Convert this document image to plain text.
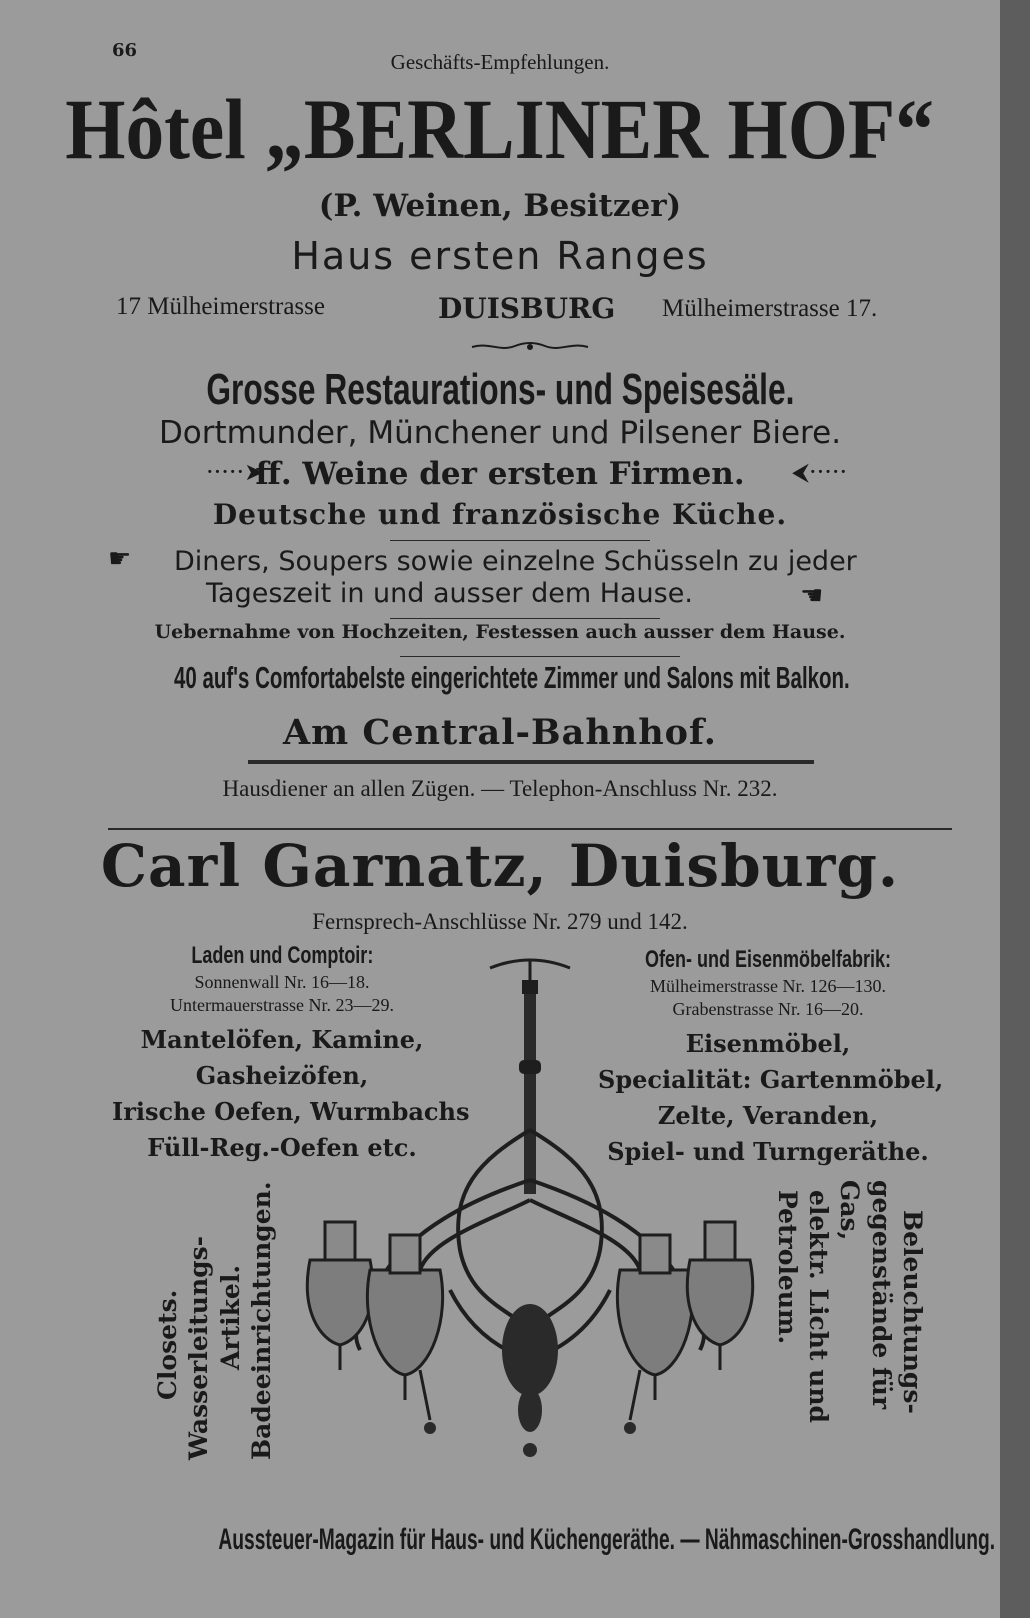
66	Geschäfts-Empfehlungen.
Hôtel „BERLINER HOF“
(P. Weinen, Besitzer)
Haus ersten Ranges
17 Mülheimerstrasse	DUISBURG Mülheimerstrasse 17.
Grosse Restaurations- und Speisesäle.
Dortmunder, Münchener und Pilsener Biere.
·····➤
ff. Weine der ersten Firmen.	⮜·····
Deutsche und französische Küche.
☛ Diners, Soupers sowie einzelne Schüsseln zu jeder
Tageszeit in und ausser dem Hause.	☛
Uebernahme von Hochzeiten, Festessen auch ausser dem Hause.
40 auf's Comfortabelste eingerichtete Zimmer und Salons mit Balkon.
Am Central-Bahnhof.
Hausdiener an allen Zügen. — Telephon-Anschluss Nr. 232.
Carl Garnatz, Duisburg.
Fernsprech-Anschlüsse Nr. 279 und 142.
Laden und Comptoir:
Sonnenwall Nr. 16—18.
Untermauerstrasse Nr. 23—29.
Mantelöfen, Kamine,
Gasheizöfen,
Irische Oefen, Wurmbachs
Füll-Reg.-Oefen etc.
Ofen- und Eisenmöbelfabrik:
Mülheimerstrasse Nr. 126—130.
Grabenstrasse Nr. 16—20.
Eisenmöbel,
Specialität: Gartenmöbel,
Zelte, Veranden,
Spiel- und Turngeräthe.
Closets. Wasserleitungs- Artikel. Badeeinrichtungen.	Beleuchtungs-
gegenstände für Gas,
elektr. Licht und
Petroleum.
Aussteuer-Magazin für Haus- und Küchengeräthe. — Nähmaschinen-Grosshandlung.
